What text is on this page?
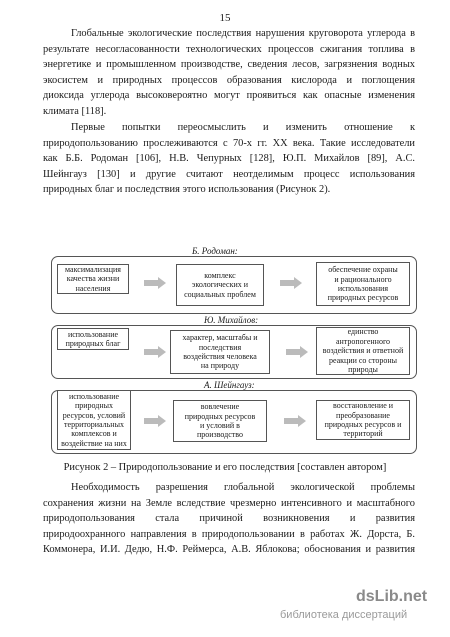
15
Глобальные экологические последствия нарушения круговорота углерода в
результате несогласованности технологических процессов сжигания топлива в
энергетике и промышленном производстве, сведения лесов, загрязнения водных
экосистем и природных процессов образования кислорода и поглощения
диоксида углерода высоковероятно могут проявиться как опасные изменения
климата [118].
Первые попытки переосмыслить и изменить отношение к
природопользованию прослеживаются с 70-х гг. XX века. Такие исследователи
как Б.Б. Родоман [106], Н.В. Чепурных [128], Ю.П. Михайлов [89], А.С.
Шейнгауз [130] и другие считают неотделимым процесс использования
природных благ и последствия этого использования (Рисунок 2).
Б. Родоман:
максимализация
качества жизни
населения
комплекс
экологических и
социальных проблем
обеспечение охраны
и рационального
использования
природных ресурсов
Ю. Михайлов:
использование
природных благ
характер, масштабы и
последствия
воздействия человека
на природу
единство
антропогенного
воздействия и ответной
реакции со стороны
природы
А. Шейнгауз:
использование
природных
ресурсов, условий
территориальных
комплексов и
воздействие на них
вовлечение
природных ресурсов
и условий в
производство
восстановление и
преобразование
природных ресурсов и
территорий
Рисунок 2 – Природопользование и его последствия [составлен автором]
Необходимость разрешения глобальной экологической проблемы
сохранения жизни на Земле вследствие чрезмерно интенсивного и масштабного
природопользования стала причиной возникновения и развития
природоохранного направления в природопользовании в работах Ж. Дорста, Б.
Коммонера, И.И. Дедю, Н.Ф. Реймерса, А.В. Яблокова; обоснования и развития
dsLib.net
библиотека диссертаций
